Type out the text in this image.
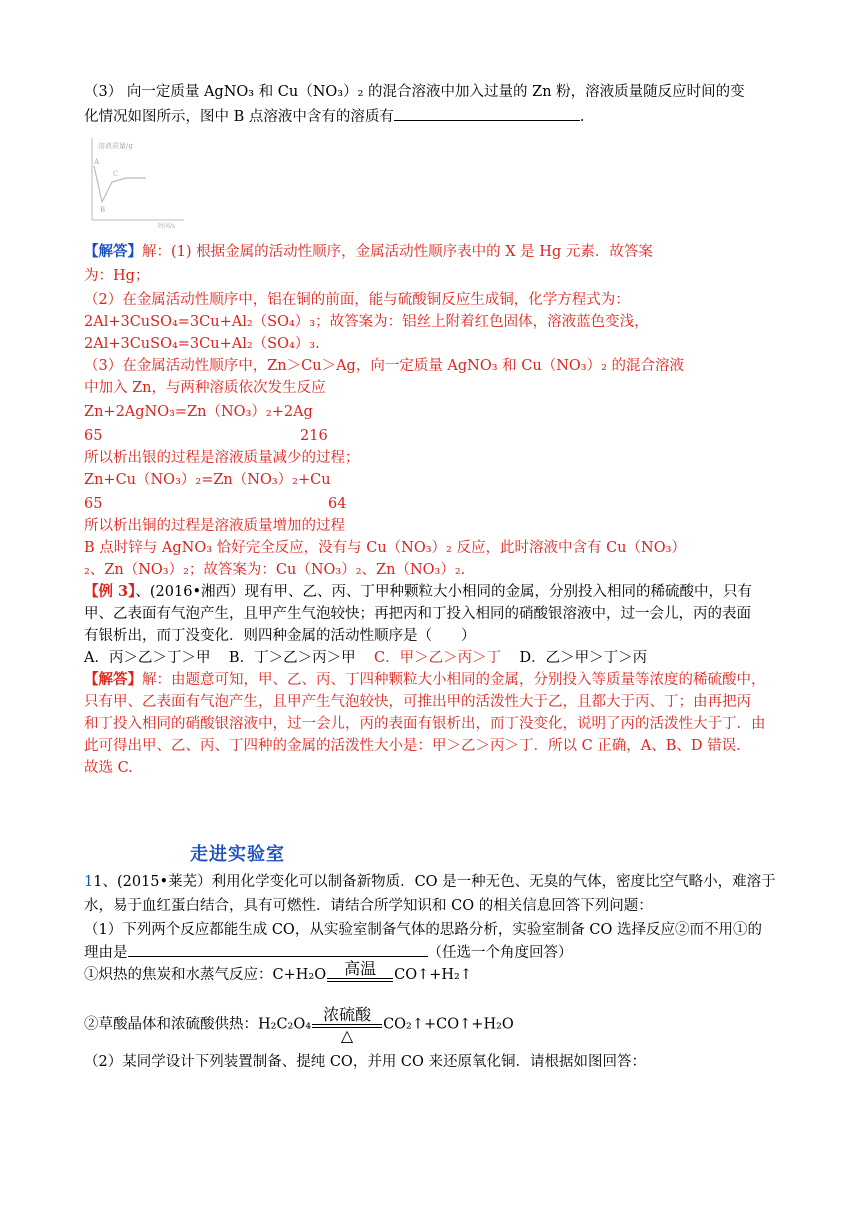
（3） 向一定质量 AgNO₃ 和 Cu（NO₃）₂ 的混合溶液中加入过量的 Zn 粉，溶液质量随反应时间的变
化情况如图所示，图中 B 点溶液中含有的溶质有	.
溶液质量/g
时间/s
A
B
C
【解答】解：(1) 根据金属的活动性顺序，金属活动性顺序表中的 X 是 Hg 元素．故答案
为：Hg；
（2）在金属活动性顺序中，铝在铜的前面，能与硫酸铜反应生成铜，化学方程式为：
2Al+3CuSO₄=3Cu+Al₂（SO₄）₃；故答案为：铝丝上附着红色固体，溶液蓝色变浅，
2Al+3CuSO₄=3Cu+Al₂（SO₄）₃.
（3）在金属活动性顺序中，Zn＞Cu＞Ag，向一定质量 AgNO₃ 和 Cu（NO₃）₂ 的混合溶液
中加入 Zn，与两种溶质依次发生反应
Zn+2AgNO₃=Zn（NO₃）₂+2Ag
65	216
所以析出银的过程是溶液质量减少的过程；
Zn+Cu（NO₃）₂=Zn（NO₃）₂+Cu
65	64
所以析出铜的过程是溶液质量增加的过程
B 点时锌与 AgNO₃ 恰好完全反应，没有与 Cu（NO₃）₂ 反应，此时溶液中含有 Cu（NO₃）
₂、Zn（NO₃）₂；故答案为：Cu（NO₃）₂、Zn（NO₃）₂.
【例 3】、(2016•湘西）现有甲、乙、丙、丁甲种颗粒大小相同的金属，分别投入相同的稀硫酸中，只有
甲、乙表面有气泡产生，且甲产生气泡较快；再把丙和丁投入相同的硝酸银溶液中，过一会儿，丙的表面
有银析出，而丁没变化．则四种金属的活动性顺序是（　　）
A．丙＞乙＞丁＞甲 B．丁＞乙＞丙＞甲 C．甲＞乙＞丙＞丁 D．乙＞甲＞丁＞丙
【解答】解：由题意可知，甲、乙、丙、丁四种颗粒大小相同的金属，分别投入等质量等浓度的稀硫酸中，
只有甲、乙表面有气泡产生，且甲产生气泡较快，可推出甲的活泼性大于乙，且都大于丙、丁；由再把丙
和丁投入相同的硝酸银溶液中，过一会儿，丙的表面有银析出，而丁没变化，说明了丙的活泼性大于丁．由
此可得出甲、乙、丙、丁四种的金属的活泼性大小是：甲＞乙＞丙＞丁．所以 C 正确，A、B、D 错误．
故选 C.
走进实验室
11、(2015•莱芜）利用化学变化可以制备新物质．CO 是一种无色、无臭的气体，密度比空气略小，难溶于
水，易于血红蛋白结合，具有可燃性．请结合所学知识和 CO 的相关信息回答下列问题：
（1）下列两个反应都能生成 CO，从实验室制备气体的思路分析，实验室制备 CO 选择反应②而不用①的
理由是	（任选一个角度回答）
①炽热的焦炭和水蒸气反应：C+H₂O	高温	CO↑+H₂↑
②草酸晶体和浓硫酸供热：H₂C₂O₄
浓硫酸
△
CO₂↑+CO↑+H₂O
（2）某同学设计下列装置制备、提纯 CO，并用 CO 来还原氧化铜．请根据如图回答：
